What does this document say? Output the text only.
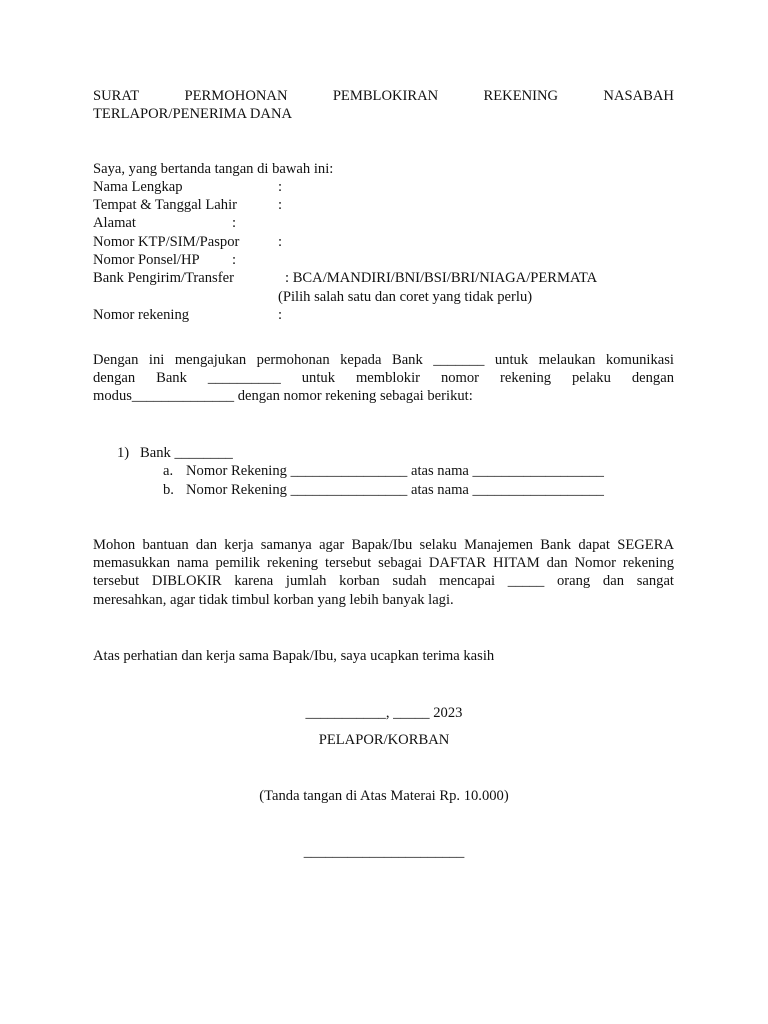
SURAT	PERMOHONAN	PEMBLOKIRAN	REKENING	NASABAH
TERLAPOR/PENERIMA DANA
Saya, yang bertanda tangan di bawah ini:
Nama Lengkap	:
Tempat & Tanggal Lahir	:
Alamat	:
Nomor KTP/SIM/Paspor	:
Nomor Ponsel/HP :
Bank Pengirim/Transfer	: BCA/MANDIRI/BNI/BSI/BRI/NIAGA/PERMATA
(Pilih salah satu dan coret yang tidak perlu)
Nomor rekening	:
Dengan ini mengajukan permohonan kepada Bank _______ untuk melaukan komunikasi
dengan Bank __________ untuk memblokir nomor rekening pelaku dengan
modus______________ dengan nomor rekening sebagai berikut:
1) Bank ________
a. Nomor Rekening ________________ atas nama __________________
b. Nomor Rekening ________________ atas nama __________________
Mohon bantuan dan kerja samanya agar Bapak/Ibu selaku Manajemen Bank dapat SEGERA
memasukkan nama pemilik rekening tersebut sebagai DAFTAR HITAM dan Nomor rekening
tersebut DIBLOKIR karena jumlah korban sudah mencapai _____ orang dan sangat
meresahkan, agar tidak timbul korban yang lebih banyak lagi.
Atas perhatian dan kerja sama Bapak/Ibu, saya ucapkan terima kasih
___________, _____ 2023
PELAPOR/KORBAN
(Tanda tangan di Atas Materai Rp. 10.000)
______________________
